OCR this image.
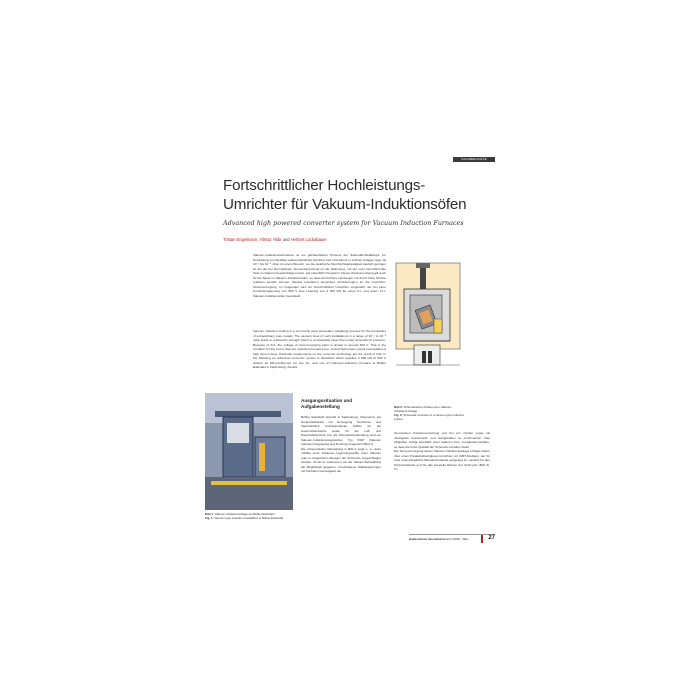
FACHBERICHTE
Fortschrittlicher Hochleistungs-
Umrichter für Vakuum-Induktionsöfen
Advanced high powered converter system for Vacuum Induction Furnaces
Tristan Engelmann, Yilmaz Yildir und Herbert Luckabauer

Vakuum-Induktionsschmelzen ist ein gebräuchlicher Prozess der Sekundär-Metallurgie zur Herstellung von Metallen außerordentlicher Reinheit. Der Unterdruck in solchen Anlagen liegt mit 10⁻¹ bis 10⁻⁵ mbar im einem Bereich, wo die elektrische Durchschlagsfestigkeit deutlich geringer ist als die bei Normaldruck. Demenstprechend ist die Spannung, mit der man stromführende Teile im Vakuum beaufschlagen kann, auf etwa 600 V begrenzt. Dieser Zusammenhang gilt auch für die Spule im Vakuum-Induktionsofen, so dass dort höhere Leistungen nur durch hohe Ströme realisiert werden können. Daraus resultieren besondere Anforderungen an die Umrichter-Stromversorgung. Im Folgenden wird ein fortschrittlicher Umrichter vorgestellt, der bei einer Umrichterspannung von 600 V eine Leistung von 4 000 kW für einen 8-t- und einen 17-t-Vakuum-Induktionsofen bereitstellt.

Vacuum induction melting is a commonly used secondary metallurgy process for the production of extraordinary pure metals. The vacuum level of such installations in a range of 10⁻¹ to 10⁻⁵ mbar leads to a dielectric strength which is considerably lower than under atmospheric pressure. Because of this, the voltage of current-carrying parts is limited to around 600 V. That is the condition for the coil of Vacuum Induction Furnaces too, so that high power output necessitates a high current level. Particular requirements on the converter technology are the result of that. In the following an advanced converter system is described which supplies 4 000 kW at 600 V without an MF-transformer for one 8-t- and one 17-t-Vacuum-Induction Furnace at Böhler Edelstahl in Kapfenberg, Austria.

Bild 2: Schematischer Aufbau einer Vakuum-Induktions-Anlage
Fig. 2: Schematic structure of a vacuum-type induction system
Bild 1: Vakuum-Induktionsanlage bei Böhler Edelstahl
Fig. 1: Vacuum-type induction installation at Böhler Edelstahl
Ausgangssituation und Aufgabenstellung

Böhler Edelstahl betreibt in Kapfenberg, Österreich, ein Sonderstahlwerk zur Erzeugung hochreiner und hautzulichlich hochwarmfester Stähle für die Automobilindustrie sowie für die Luft- und Raumfahrttechnik. Für die Schmelzebehandlung wird ein Vakuum-Induktionsstegiefofen, Typ VIDP (Vakuum Induction Degassing and Pouring) eingesetzt (Bild 1).

Die schematische Darstellung in Bild 2 zeigt u. a., dass mithilfe einer Schleuse Legierungsstoffe unter Vakuum oder in entgasfreien Mengen der Schmelze zugeschlagen werden. Somit ist zusammen mit der Vakuumbehandlung die Möglichkeit gegeben, verschiedene Stahllegierungen mit höchsten Genauigkeit der

chemischen Zusammensetzung und frei von Oxiden sowie mit niedrigsten Kohlenstoff- und Gasgehalten zu erschmelzen. Das Abgießen erfolgt ebenfalls unter Vakuum bzw. Inertgasatmosphäre, so dass die hohe Qualität der Schmelze erhalten bleibt.

Die Stromversorgung dieser Vakuum-Induktionsanlage erfolgte bisher über einen Parallelschwingkreis-Umrichter mit IGBT-Modulen, der für zwei unterschiedliche Betriebszustände ausgelegt ist, nämlich für den Schmelzbetrieb und für das spezielle Rühren der Schmelze (Bild 3). Im

elektrowärme international Heft 1/2009 · März	27
